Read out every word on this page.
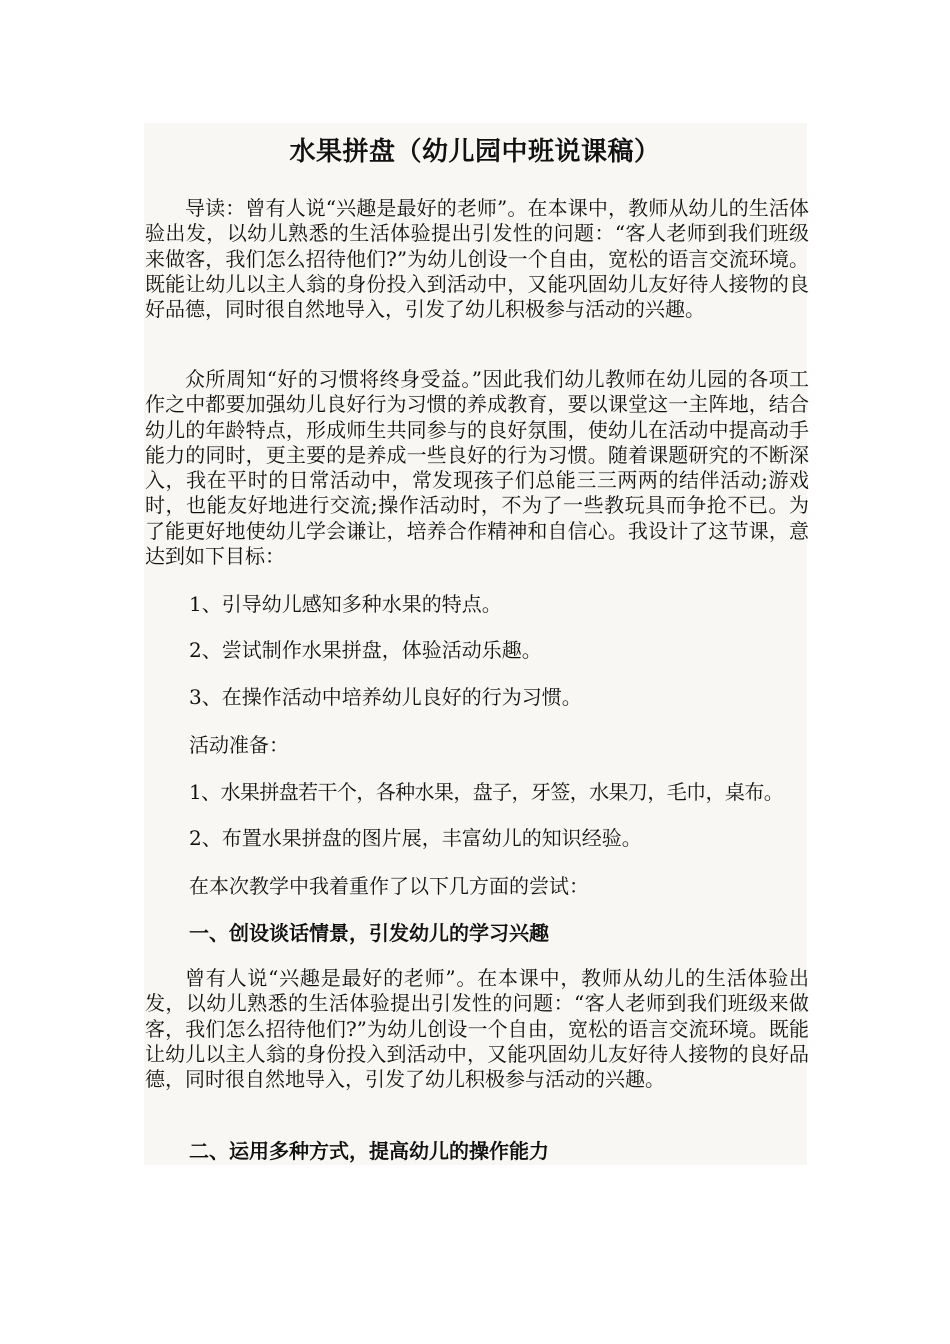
水果拼盘（幼儿园中班说课稿）

导读：曾有人说“兴趣是最好的老师”。在本课中，教师从幼儿的生活体验出发，以幼儿熟悉的生活体验提出引发性的问题：“客人老师到我们班级来做客，我们怎么招待他们?”为幼儿创设一个自由，宽松的语言交流环境。既能让幼儿以主人翁的身份投入到活动中，又能巩固幼儿友好待人接物的良好品德，同时很自然地导入，引发了幼儿积极参与活动的兴趣。

众所周知“好的习惯将终身受益。”因此我们幼儿教师在幼儿园的各项工作之中都要加强幼儿良好行为习惯的养成教育，要以课堂这一主阵地，结合幼儿的年龄特点，形成师生共同参与的良好氛围，使幼儿在活动中提高动手能力的同时，更主要的是养成一些良好的行为习惯。随着课题研究的不断深入，我在平时的日常活动中，常发现孩子们总能三三两两的结伴活动;游戏时，也能友好地进行交流;操作活动时，不为了一些教玩具而争抢不已。为了能更好地使幼儿学会谦让，培养合作精神和自信心。我设计了这节课，意达到如下目标：

1、引导幼儿感知多种水果的特点。

2、尝试制作水果拼盘，体验活动乐趣。

3、在操作活动中培养幼儿良好的行为习惯。

活动准备：

1、水果拼盘若干个，各种水果，盘子，牙签，水果刀，毛巾，桌布。

2、布置水果拼盘的图片展，丰富幼儿的知识经验。

在本次教学中我着重作了以下几方面的尝试：

一、创设谈话情景，引发幼儿的学习兴趣

曾有人说“兴趣是最好的老师”。在本课中，教师从幼儿的生活体验出发，以幼儿熟悉的生活体验提出引发性的问题：“客人老师到我们班级来做客，我们怎么招待他们?”为幼儿创设一个自由，宽松的语言交流环境。既能让幼儿以主人翁的身份投入到活动中，又能巩固幼儿友好待人接物的良好品德，同时很自然地导入，引发了幼儿积极参与活动的兴趣。

二、运用多种方式，提高幼儿的操作能力
